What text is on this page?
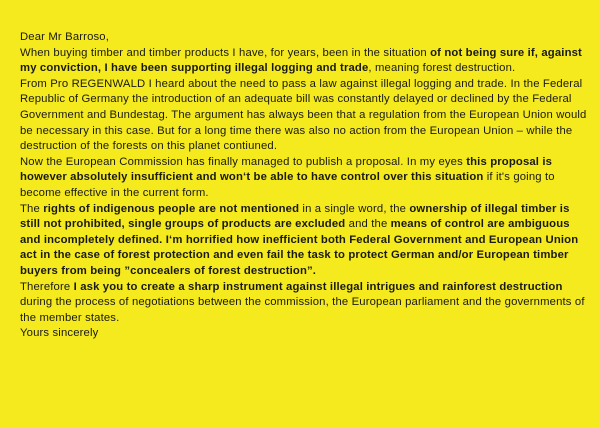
Dear Mr Barroso,

When buying timber and timber products I have, for years, been in the situation of not being sure if, against my conviction, I have been supporting illegal logging and trade, meaning forest destruction.

From Pro REGENWALD I heard about the need to pass a law against illegal logging and trade. In the Federal Republic of Germany the introduction of an adequate bill was constantly delayed or declined by the Federal Government and Bundestag. The argument has always been that a regulation from the European Union would be necessary in this case. But for a long time there was also no action from the European Union – while the destruction of the forests on this planet contiuned.

Now the European Commission has finally managed to publish a proposal. In my eyes this proposal is however absolutely insufficient and won‘t be able to have control over this situation if it's going to become effective in the current form.

The rights of indigenous people are not mentioned in a single word, the ownership of illegal timber is still not prohibited, single groups of products are excluded and the means of control are ambiguous and incompletely defined. I‘m horrified how inefficient both Federal Government and European Union act in the case of forest protection and even fail the task to protect German and/or European timber buyers from being ”concealers of forest destruction”.

Therefore I ask you to create a sharp instrument against illegal intrigues and rainforest destruction during the process of negotiations between the commission, the European parliament and the governments of the member states.

Yours sincerely
